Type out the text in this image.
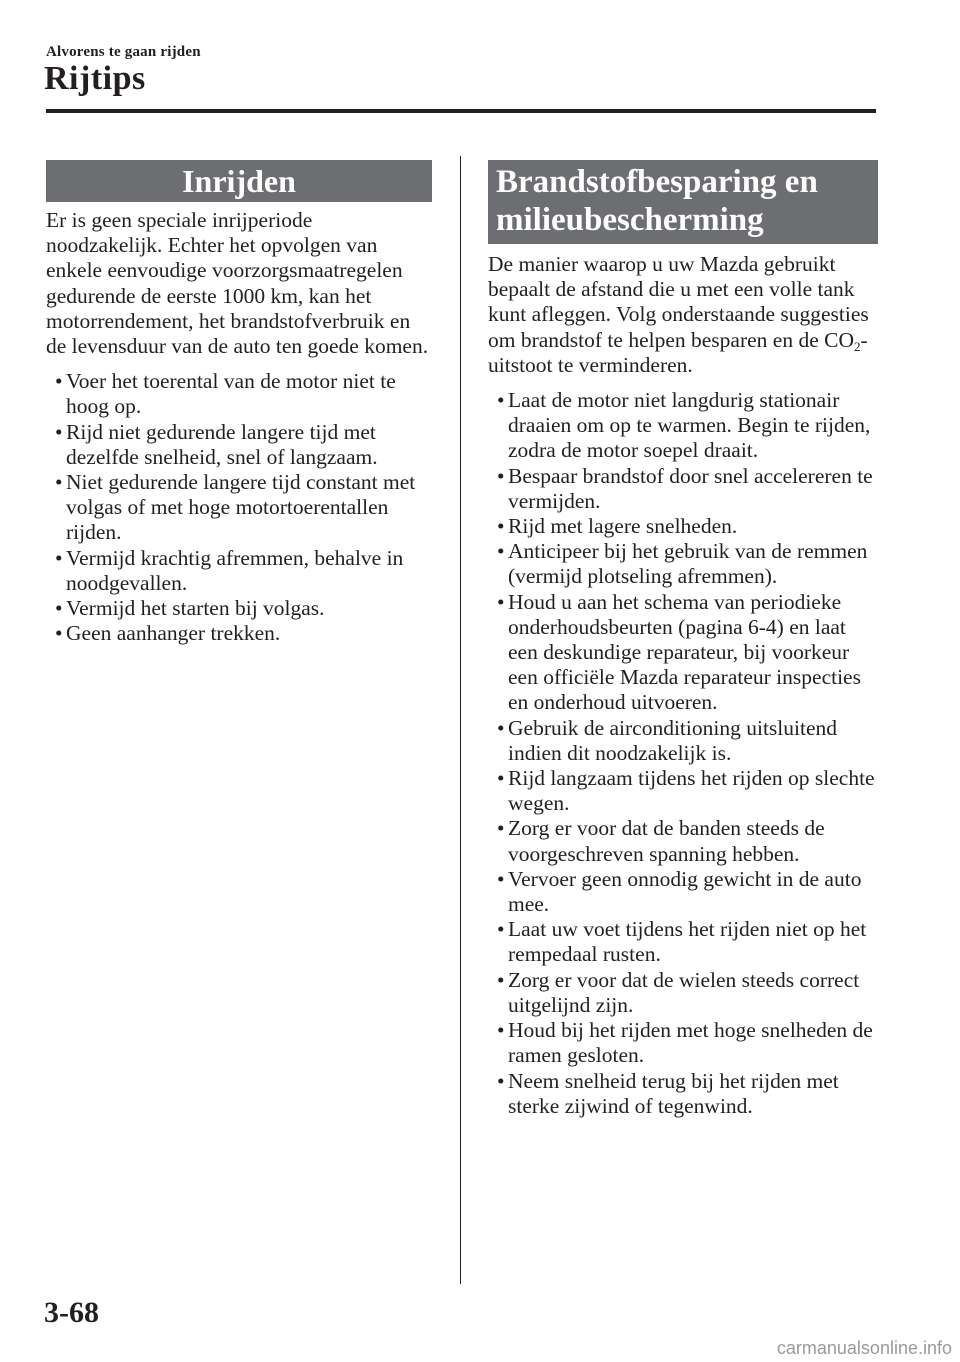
Alvorens te gaan rijden
Rijtips
Inrijden

Er is geen speciale inrijperiode noodzakelijk. Echter het opvolgen van enkele eenvoudige voorzorgsmaatregelen gedurende de eerste 1000 km, kan het motorrendement, het brandstofverbruik en de levensduur van de auto ten goede komen.

• Voer het toerental van de motor niet te hoog op.
• Rijd niet gedurende langere tijd met dezelfde snelheid, snel of langzaam.
• Niet gedurende langere tijd constant met volgas of met hoge motortoerentallen rijden.
• Vermijd krachtig afremmen, behalve in noodgevallen.
• Vermijd het starten bij volgas.
• Geen aanhanger trekken.
Brandstofbesparing en
milieubescherming

De manier waarop u uw Mazda gebruikt bepaalt de afstand die u met een volle tank kunt afleggen. Volg onderstaande suggesties om brandstof te helpen besparen en de $CO_2$-uitstoot te verminderen.

• Laat de motor niet langdurig stationair draaien om op te warmen. Begin te rijden, zodra de motor soepel draait.
• Bespaar brandstof door snel accelereren te vermijden.
• Rijd met lagere snelheden.
• Anticipeer bij het gebruik van de remmen (vermijd plotseling afremmen).
• Houd u aan het schema van periodieke onderhoudsbeurten (pagina 6-4) en laat een deskundige reparateur, bij voorkeur een officiële Mazda reparateur inspecties en onderhoud uitvoeren.
• Gebruik de airconditioning uitsluitend indien dit noodzakelijk is.
• Rijd langzaam tijdens het rijden op slechte wegen.
• Zorg er voor dat de banden steeds de voorgeschreven spanning hebben.
• Vervoer geen onnodig gewicht in de auto mee.
• Laat uw voet tijdens het rijden niet op het rempedaal rusten.
• Zorg er voor dat de wielen steeds correct uitgelijnd zijn.
• Houd bij het rijden met hoge snelheden de ramen gesloten.
• Neem snelheid terug bij het rijden met sterke zijwind of tegenwind.
3-68
carmanualsonline.info
